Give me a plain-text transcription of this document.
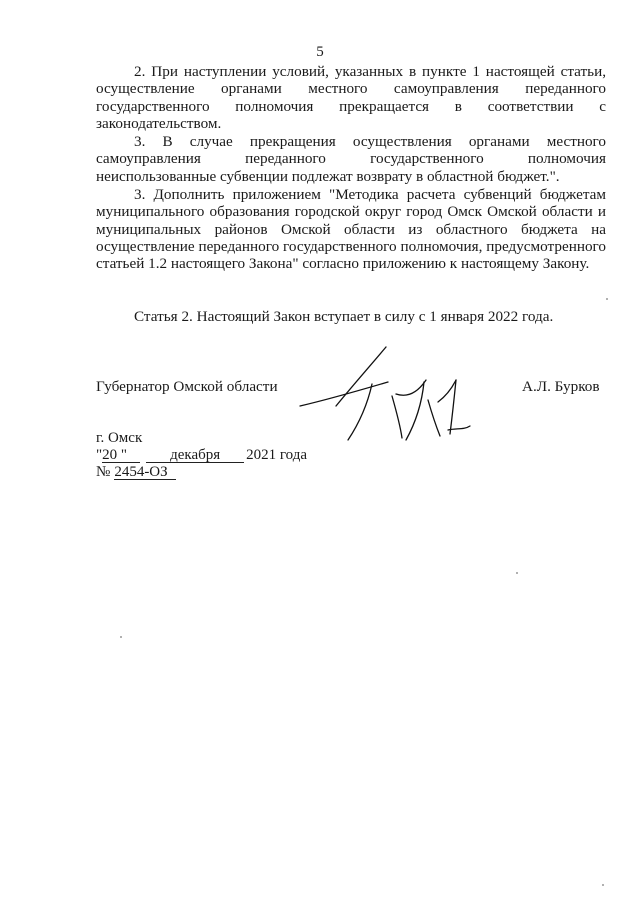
5

2. При наступлении условий, указанных в пункте 1 настоящей статьи, осуществление органами местного самоуправления переданного государственного полномочия прекращается в соответствии с законодательством.

3. В случае прекращения осуществления органами местного самоуправления переданного государственного полномочия неиспользованные субвенции подлежат возврату в областной бюджет.".

3. Дополнить приложением "Методика расчета субвенций бюджетам муниципального образования городской округ город Омск Омской области и муниципальных районов Омской области из областного бюджета на осуществление переданного государственного полномочия, предусмотренного статьей 1.2 настоящего Закона" согласно приложению к настоящему Закону.

Статья 2. Настоящий Закон вступает в силу с 1 января 2022 года.
Губернатор Омской области	А.Л. Бурков
г. Омск
"20 "	декабря 2021 года
№ 2454-ОЗ
